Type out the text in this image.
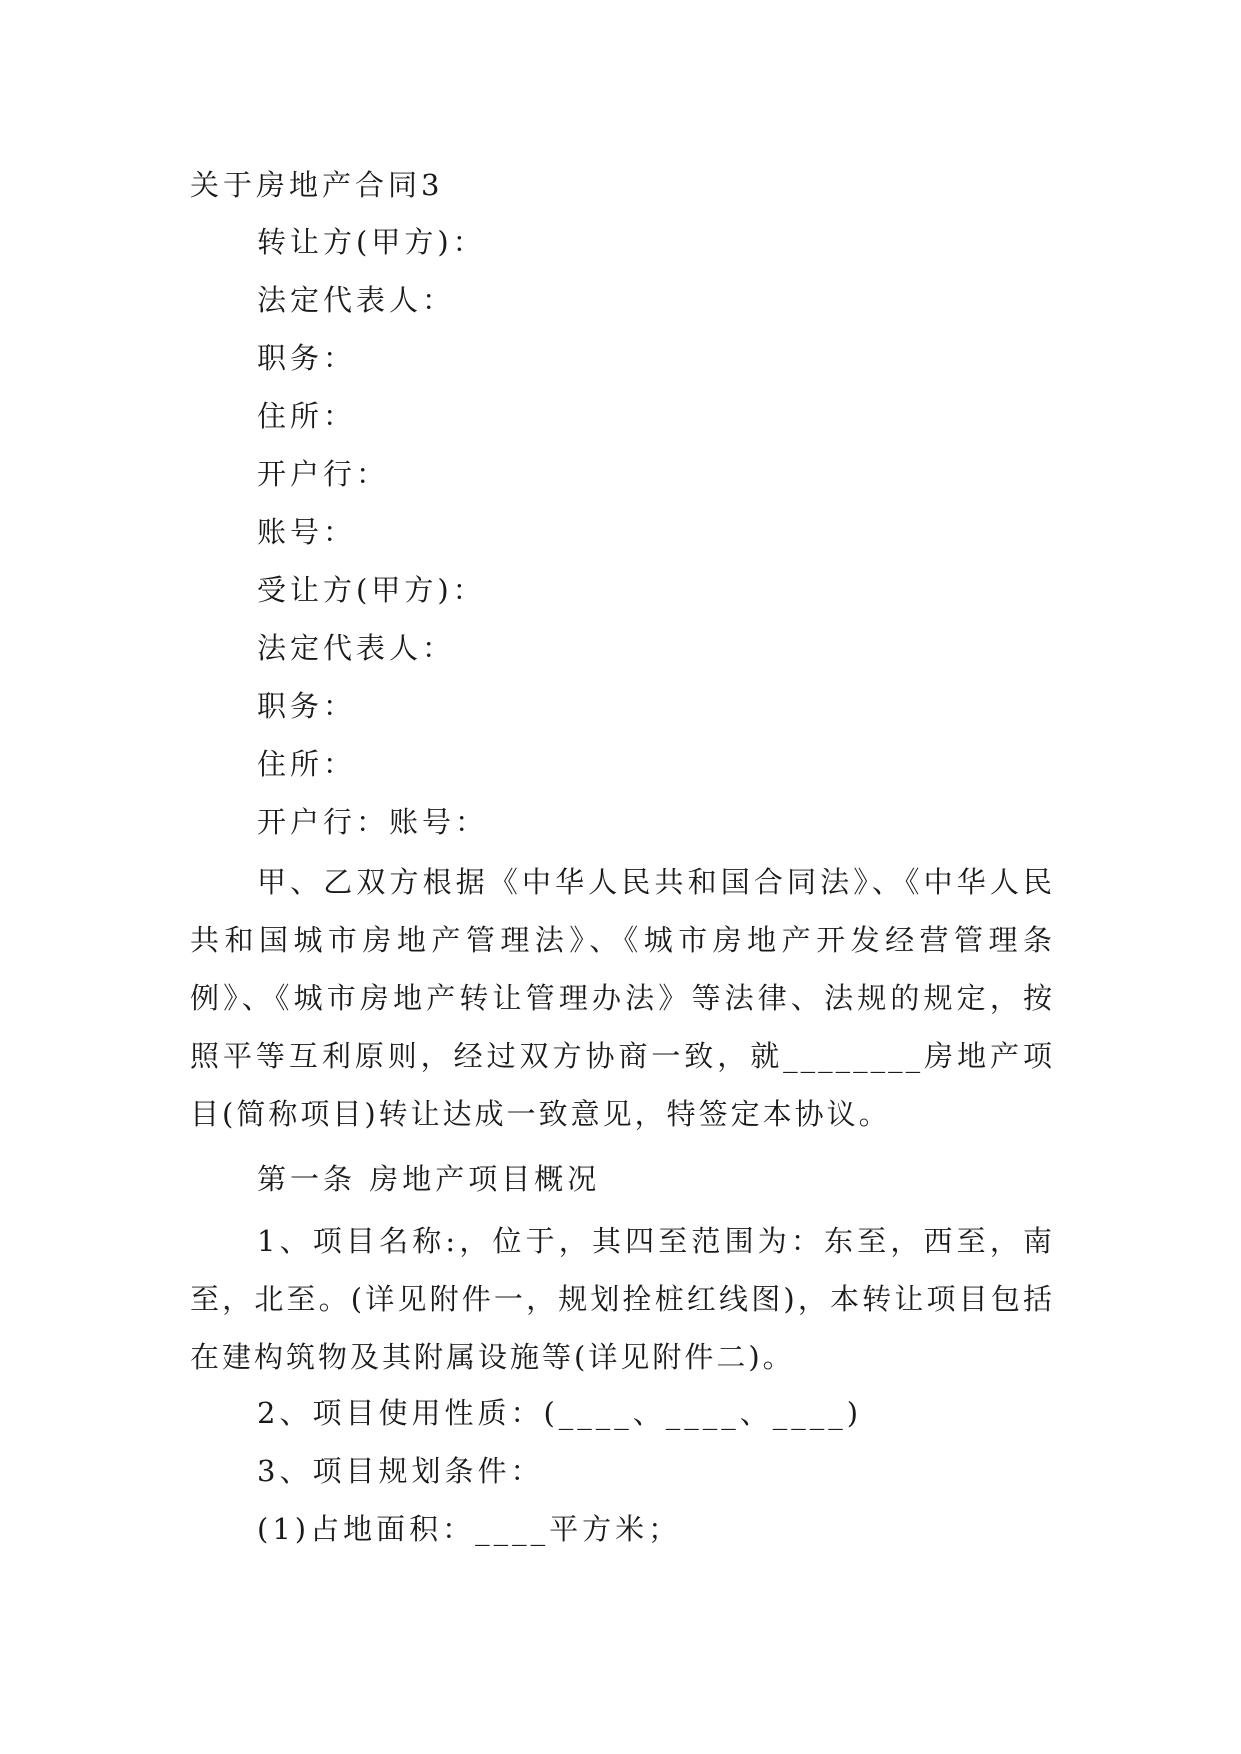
关于房地产合同3
转让方(甲方)：
法定代表人：
职务：
住所：
开户行：
账号：
受让方(甲方)：
法定代表人：
职务：
住所：
开户行：账号：

甲、乙双方根据《中华人民共和国合同法》、《中华人民共和国城市房地产管理法》、《城市房地产开发经营管理条例》、《城市房地产转让管理办法》等法律、法规的规定，按照平等互利原则，经过双方协商一致，就________房地产项目(简称项目)转让达成一致意见，特签定本协议。

第一条 房地产项目概况

1、项目名称:，位于，其四至范围为：东至，西至，南至，北至。(详见附件一，规划拴桩红线图)，本转让项目包括在建构筑物及其附属设施等(详见附件二)。

2、项目使用性质：(____、____、____)
3、项目规划条件：
(1)占地面积：____平方米；
